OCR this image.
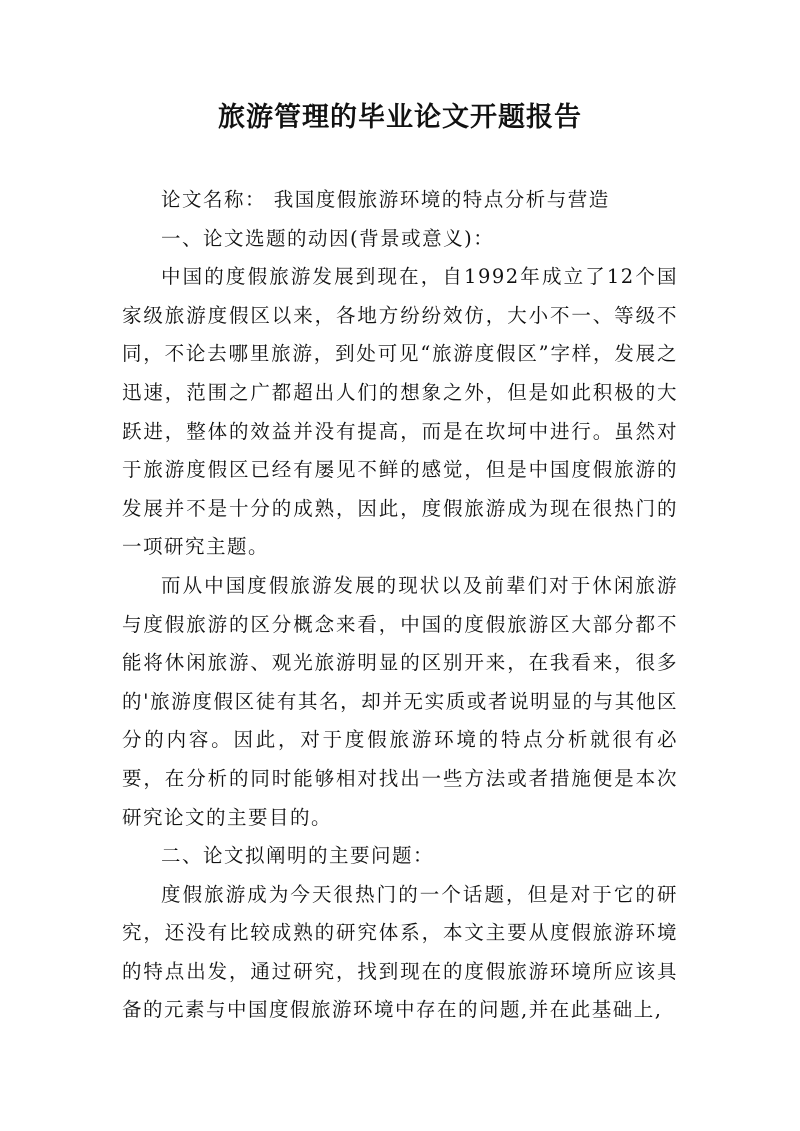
旅游管理的毕业论文开题报告

论文名称： 我国度假旅游环境的特点分析与营造

一、论文选题的动因(背景或意义)：

中国的度假旅游发展到现在，自1992年成立了12个国家级旅游度假区以来，各地方纷纷效仿，大小不一、等级不同，不论去哪里旅游，到处可见“旅游度假区”字样，发展之迅速，范围之广都超出人们的想象之外，但是如此积极的大跃进，整体的效益并没有提高，而是在坎坷中进行。虽然对于旅游度假区已经有屡见不鲜的感觉，但是中国度假旅游的发展并不是十分的成熟，因此，度假旅游成为现在很热门的一项研究主题。

而从中国度假旅游发展的现状以及前辈们对于休闲旅游与度假旅游的区分概念来看，中国的度假旅游区大部分都不能将休闲旅游、观光旅游明显的区别开来，在我看来，很多的'旅游度假区徒有其名，却并无实质或者说明显的与其他区分的内容。因此，对于度假旅游环境的特点分析就很有必要，在分析的同时能够相对找出一些方法或者措施便是本次研究论文的主要目的。

二、论文拟阐明的主要问题：

度假旅游成为今天很热门的一个话题，但是对于它的研究，还没有比较成熟的研究体系，本文主要从度假旅游环境的特点出发，通过研究，找到现在的度假旅游环境所应该具备的元素与中国度假旅游环境中存在的问题,并在此基础上,
